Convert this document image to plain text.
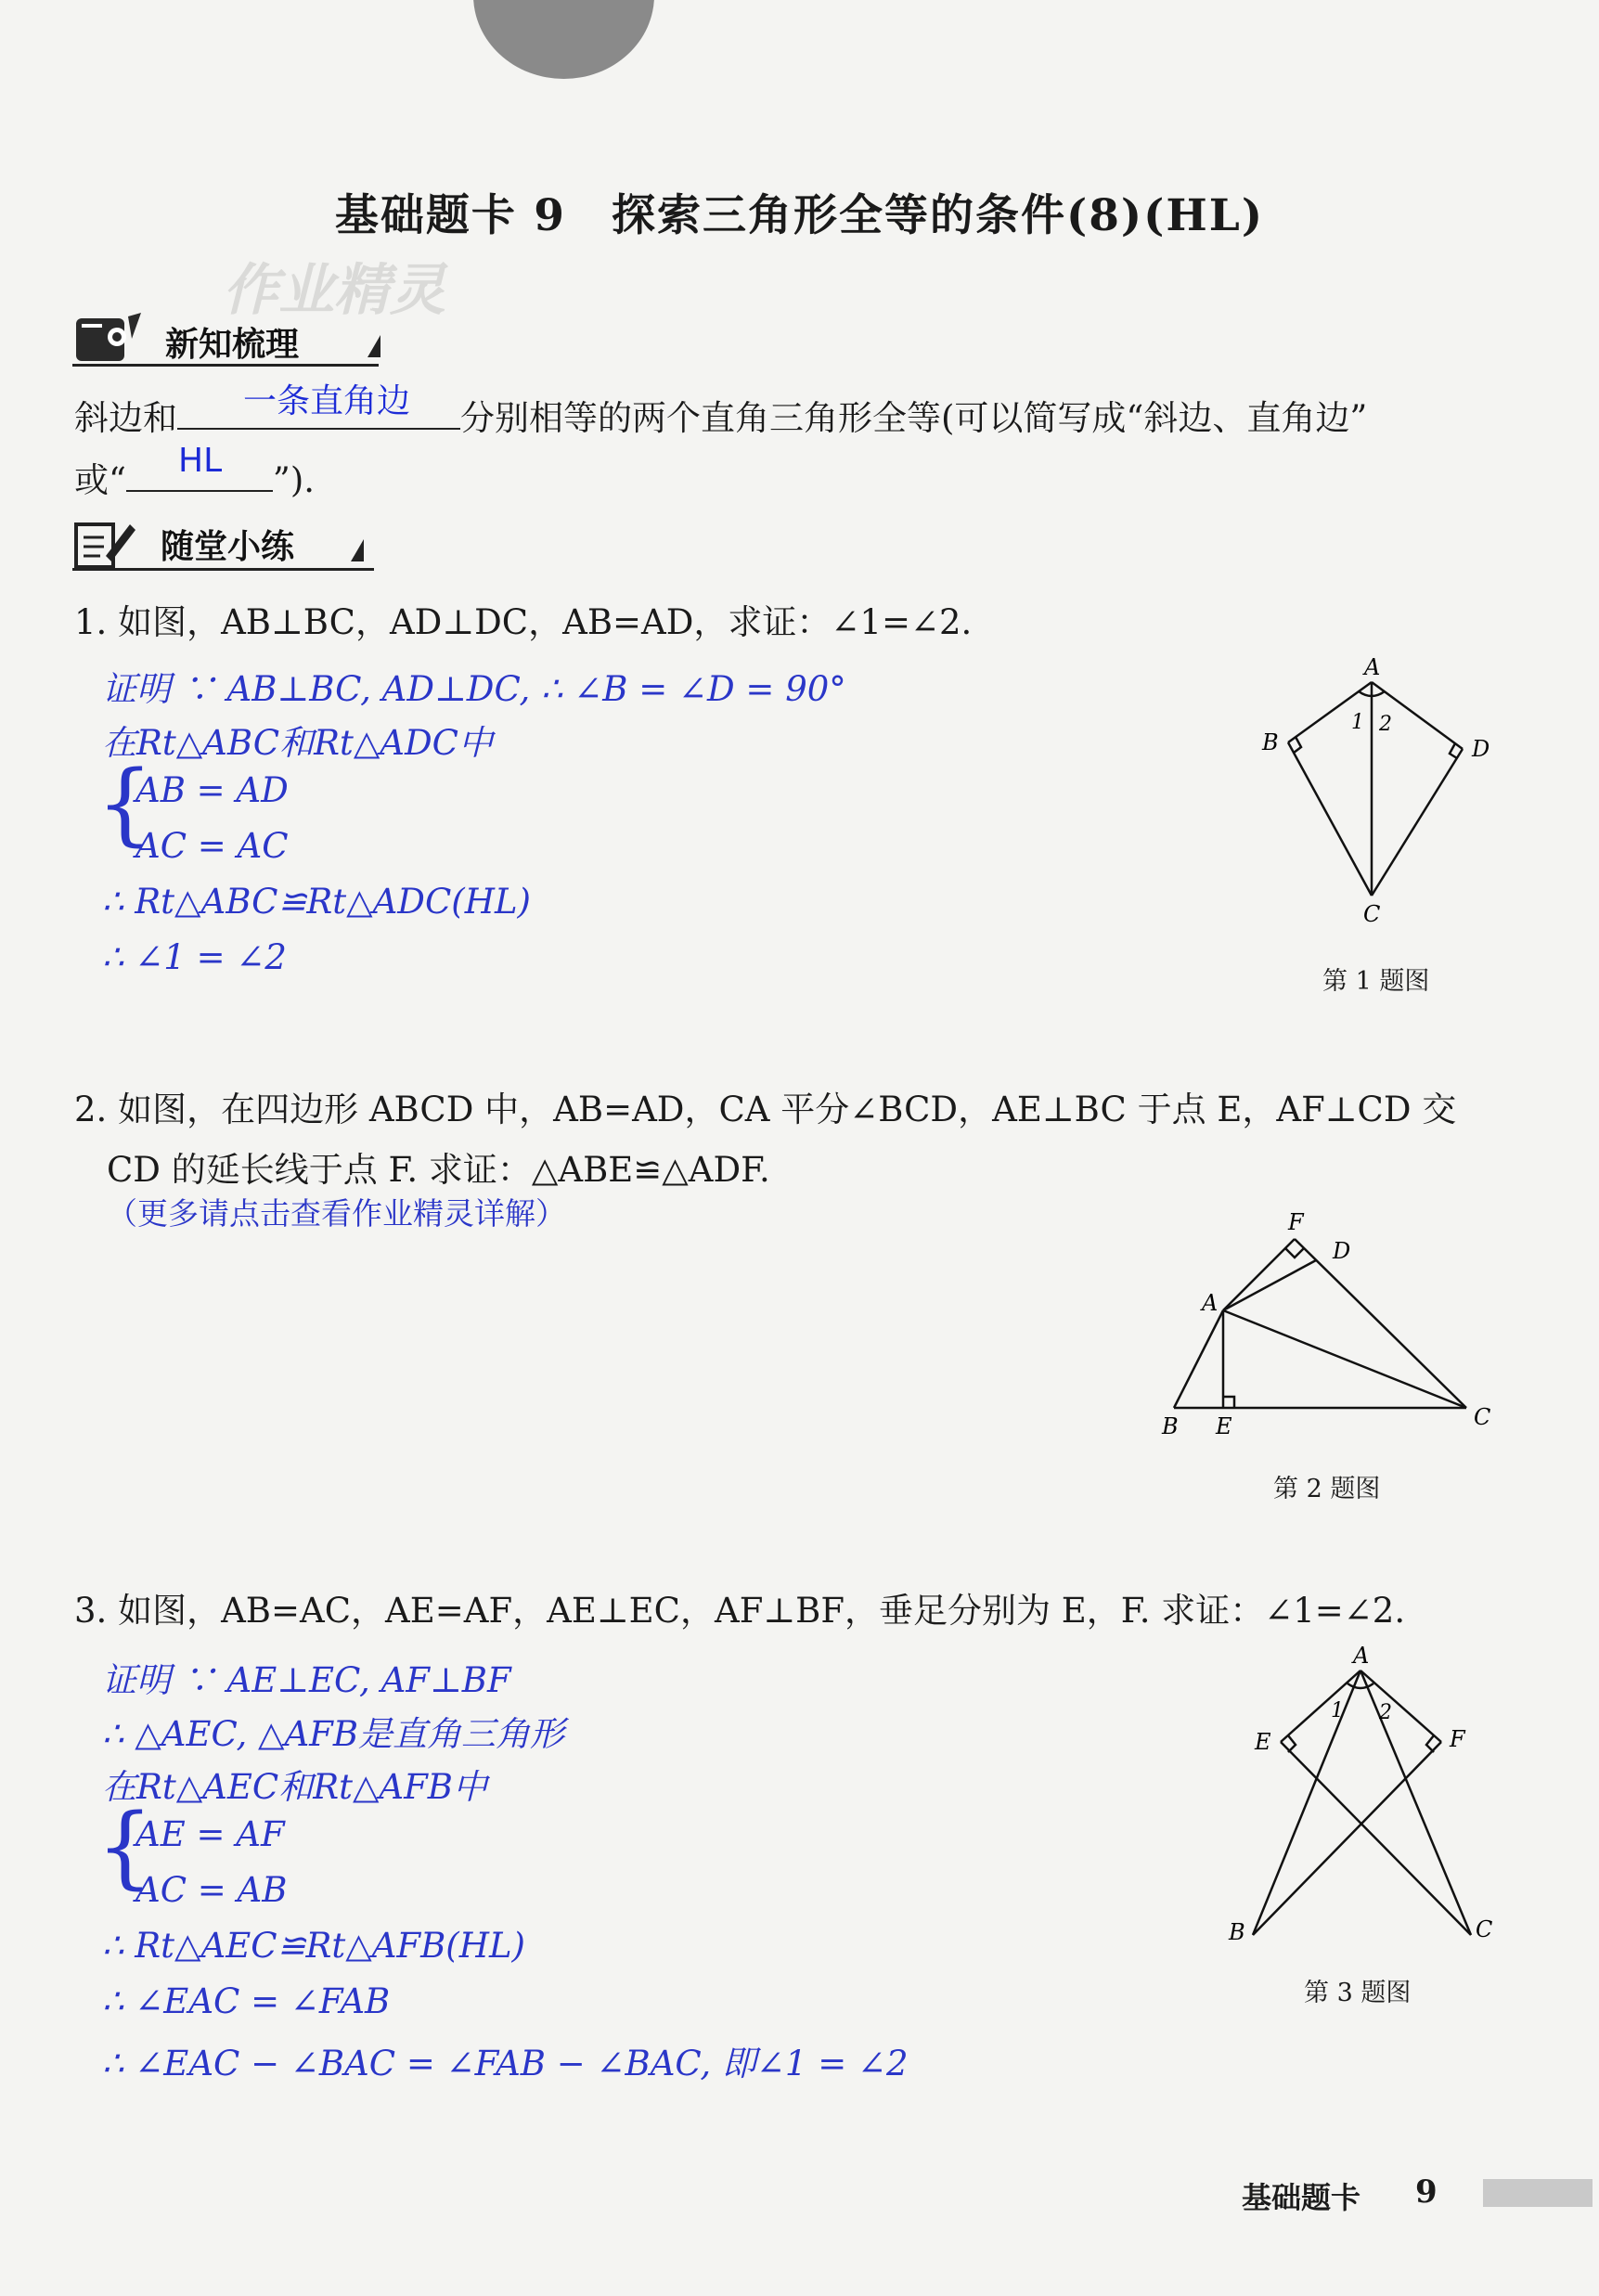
基础题卡 9　探索三角形全等的条件(8)(HL)
作业精灵
新知梳理
斜边和	分别相等的两个直角三角形全等(可以简写成“斜边、直角边”
一条直角边
或“	”).
HL
随堂小练
1. 如图，AB⊥BC，AD⊥DC，AB=AD，求证：∠1=∠2.
证明 ∵ AB⊥BC, AD⊥DC, ∴ ∠B = ∠D = 90°
在Rt△ABC和Rt△ADC中
{
AB = AD
AC = AC
∴ Rt△ABC≌Rt△ADC(HL)
∴ ∠1 = ∠2
A
B
C
D
1 2
第 1 题图
2. 如图，在四边形 ABCD 中，AB=AD，CA 平分∠BCD，AE⊥BC 于点 E，AF⊥CD 交
CD 的延长线于点 F. 求证：△ABE≌△ADF.
（更多请点击查看作业精灵详解）	F
D
A
B E	C
第 2 题图
3. 如图，AB=AC，AE=AF，AE⊥EC，AF⊥BF，垂足分别为 E，F. 求证：∠1=∠2.
证明 ∵ AE⊥EC, AF⊥BF
∴ △AEC, △AFB是直角三角形
在Rt△AEC和Rt△AFB中
{
AE = AF
AC = AB
∴ Rt△AEC≌Rt△AFB(HL)
∴ ∠EAC = ∠FAB
∴ ∠EAC − ∠BAC = ∠FAB − ∠BAC, 即∠1 = ∠2
A
E	F
B	C
1 2
第 3 题图
基础题卡 9
